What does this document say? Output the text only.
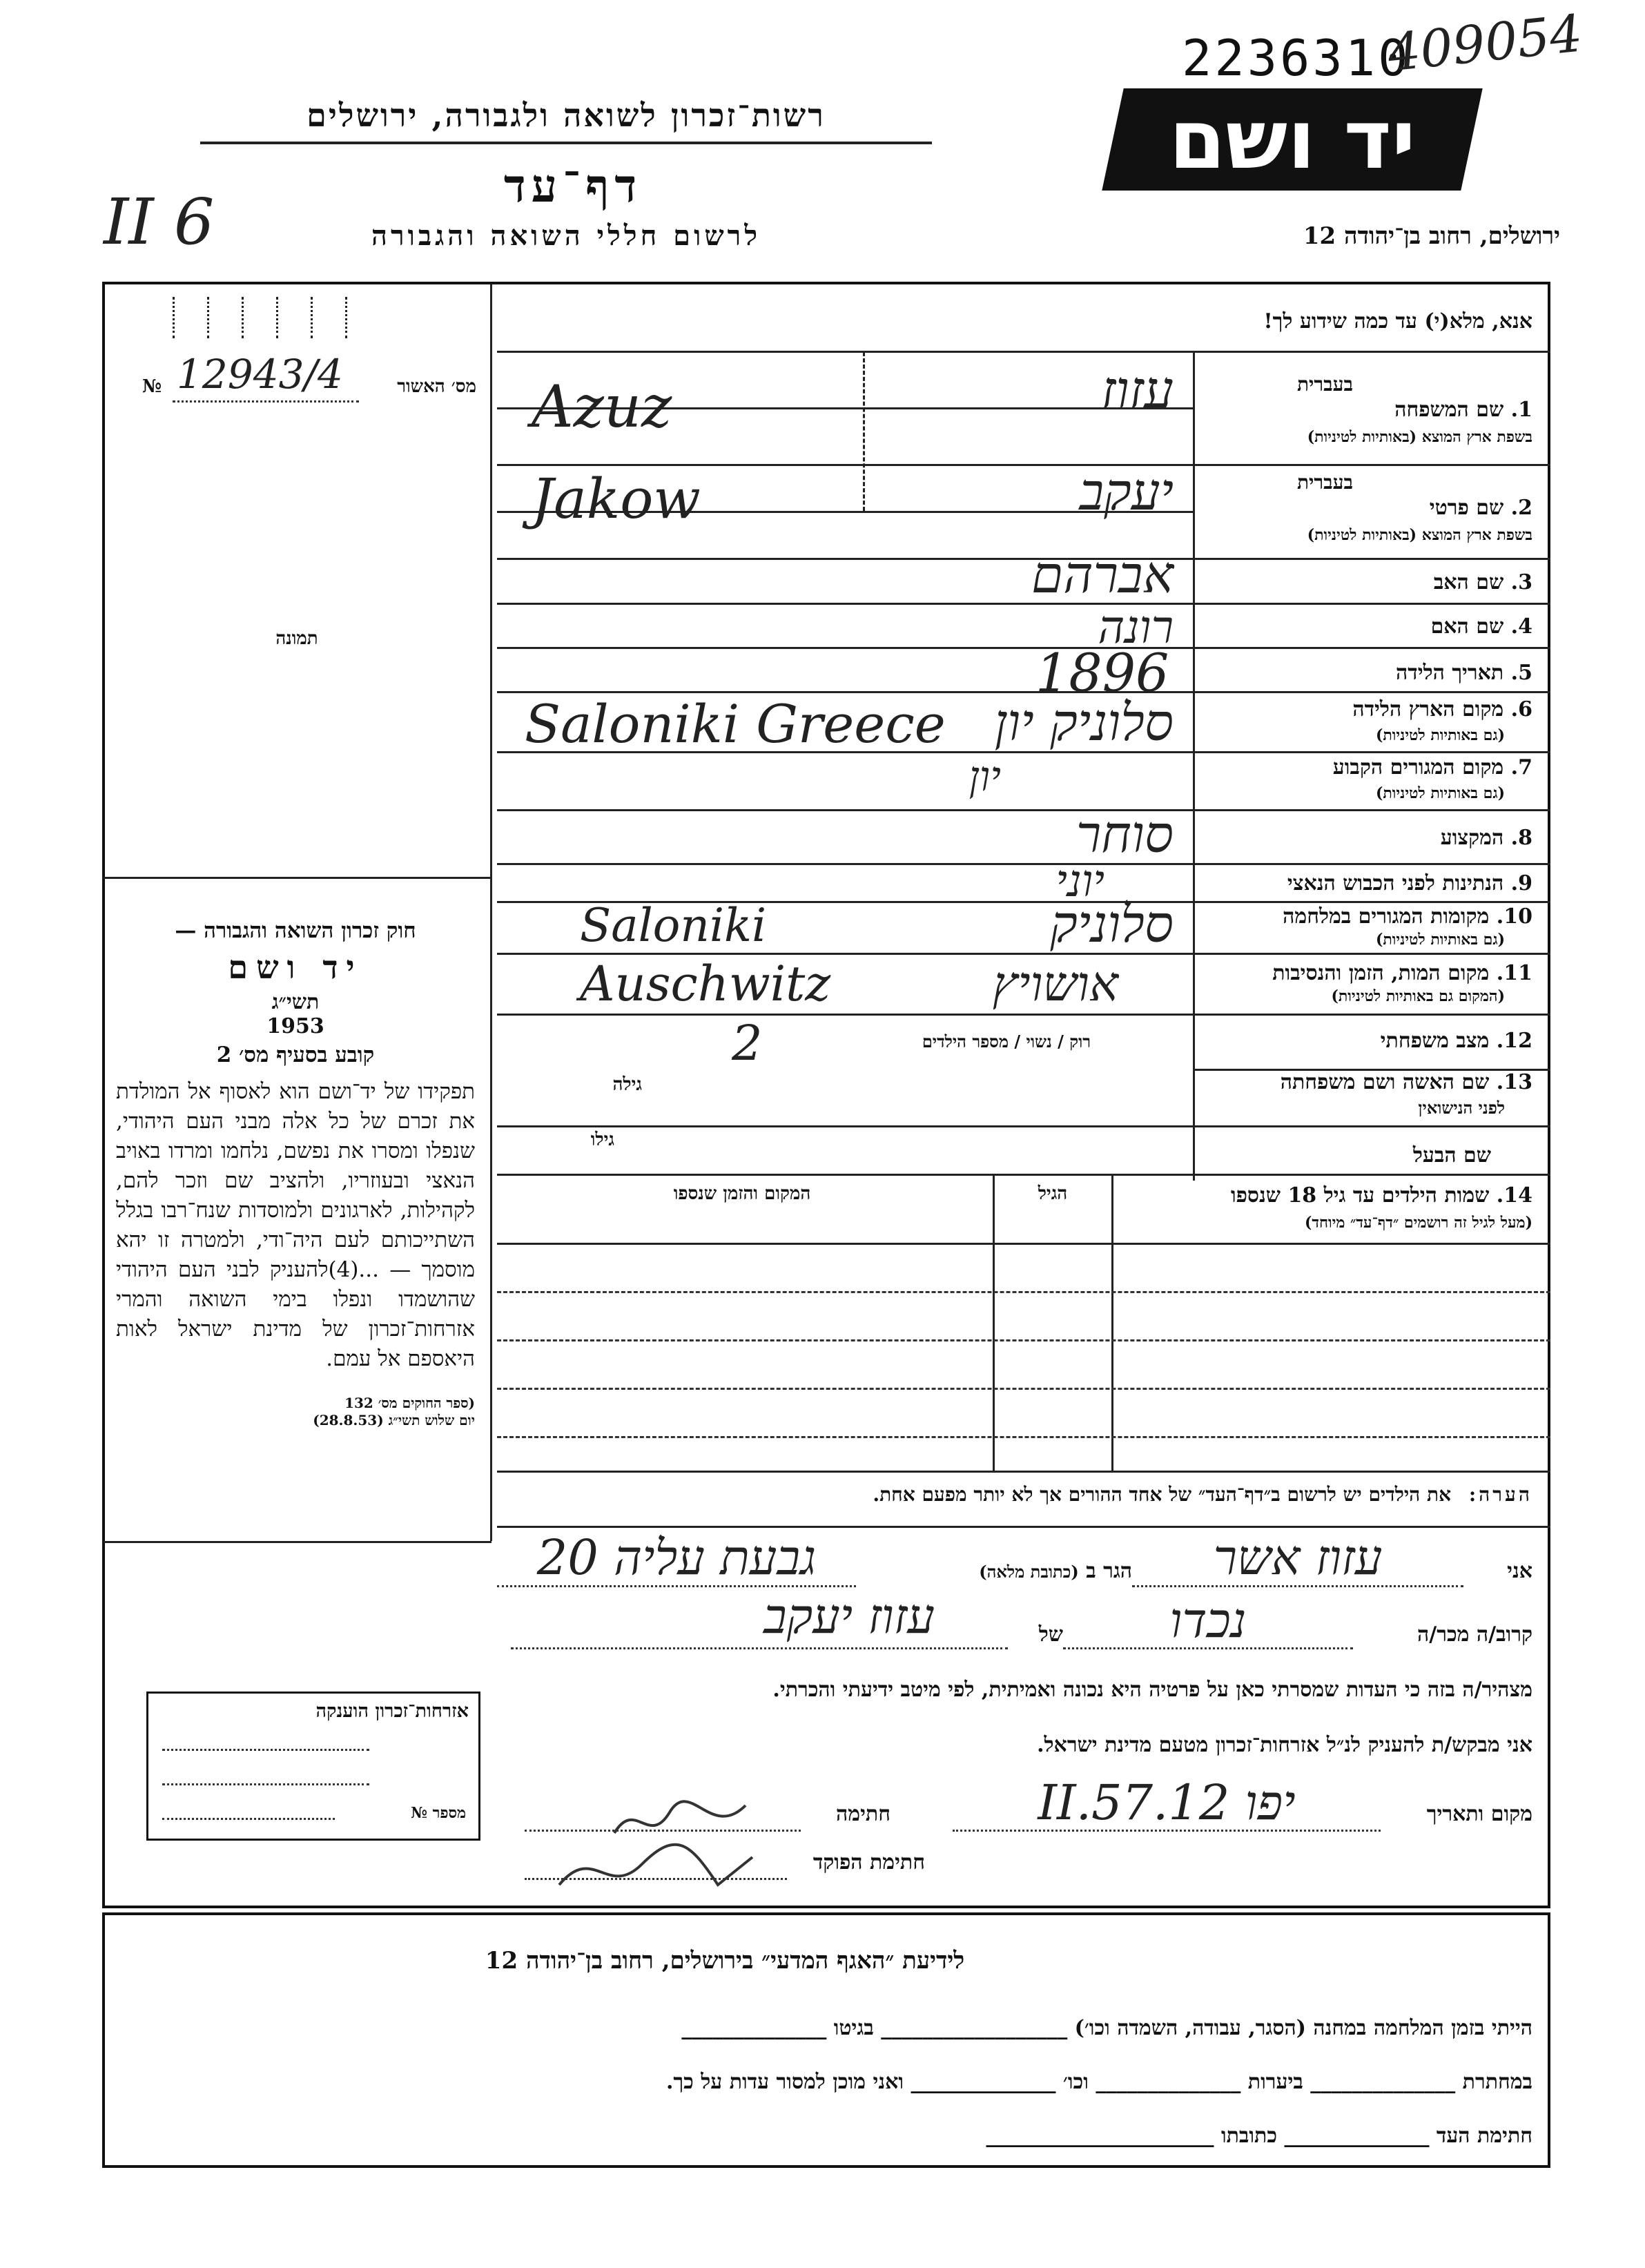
2236310
409054
רשות־זכרון לשואה ולגבורה, ירושלים	יד ושם
II 6	דף־עד
לרשום חללי השואה והגבורה	ירושלים, רחוב בן־יהודה 12
אנא, מלא(י) עד כמה שידוע לך!
№ 12943/4	מס׳ האשור
תמונה
חוק זכרון השואה והגבורה —
יד ושם
תשי״ג
1953
קובע בסעיף מס׳ 2
תפקידו של יד־ושם הוא לאסוף אל המולדת את זכרם של כל אלה מבני העם היהודי, שנפלו ומסרו את נפשם, נלחמו ומרדו באויב הנאצי ובעוזריו, ולהציב שם וזכר להם, לקהילות, לארגונים ולמוסדות שנח־רבו בגלל השתייכותם לעם היה־ודי, ולמטרה זו יהא מוסמך — ...(4)להעניק לבני העם היהודי שהושמדו ונפלו בימי השואה והמרי אזרחות־זכרון של מדינת ישראל לאות היאספם אל עמם.
(ספר החוקים מס׳ 132
יום שלוש תשי״ג (28.8.53)
אזרחות־זכרון הוענקה
מספר №
בעברית
1. שם המשפחה
בשפת ארץ המוצא (באותיות לטיניות)
Azuz	עזוז
בעברית
2. שם פרטי
בשפת ארץ המוצא (באותיות לטיניות)
Jakow	יעקב
3. שם האב
אברהם
4. שם האם
רונה
5. תאריך הלידה
1896
6. מקום הארץ הלידה
(גם באותיות לטיניות)
Saloniki Greece סלוניק יון
7. מקום המגורים הקבוע
(גם באותיות לטיניות)
יון
8. המקצוע
סוחר
9. הנתינות לפני הכבוש הנאצי
יוני
10. מקומות המגורים במלחמה
(גם באותיות לטיניות)
Saloniki	סלוניק
11. מקום המות, הזמן והנסיבות
(המקום גם באותיות לטיניות)
Auschwitz	אושויץ
12. מצב משפחתי
רוק / נשוי / מספר הילדים
2
13. שם האשה ושם משפחתה
לפני הנישואין
גילה
גילו
שם הבעל
14. שמות הילדים עד גיל 18 שנספו
(מעל לגיל זה רושמים ״דף־עד״ מיוחד)
הגיל
המקום והזמן שנספו
הערה: את הילדים יש לרשום ב״דף־העד״ של אחד ההורים אך לא יותר מפעם אחת.
אני
עזוז אשר
הגר ב (כתובת מלאה)
גבעת עליה 20
קרוב/ה מכר/ה
נכדו
של
עזוז יעקב
מצהיר/ה בזה כי העדות שמסרתי כאן על פרטיה היא נכונה ואמיתית, לפי מיטב ידיעתי והכרתי.
אני מבקש/ת להעניק לנ״ל אזרחות־זכרון מטעם מדינת ישראל.
מקום ותאריך
יפו 12.II.57
חתימה
חתימת הפוקד
לידיעת ״האגף המדעי״ בירושלים, רחוב בן־יהודה 12
הייתי בזמן המלחמה במחנה (הסגר, עבודה, השמדה וכו׳) __________________ בגיטו ______________
במחתרת ______________ ביערות ______________ וכו׳ ______________ ואני מוכן למסור עדות על כך.
חתימת העד ______________ כתובתו ______________________
